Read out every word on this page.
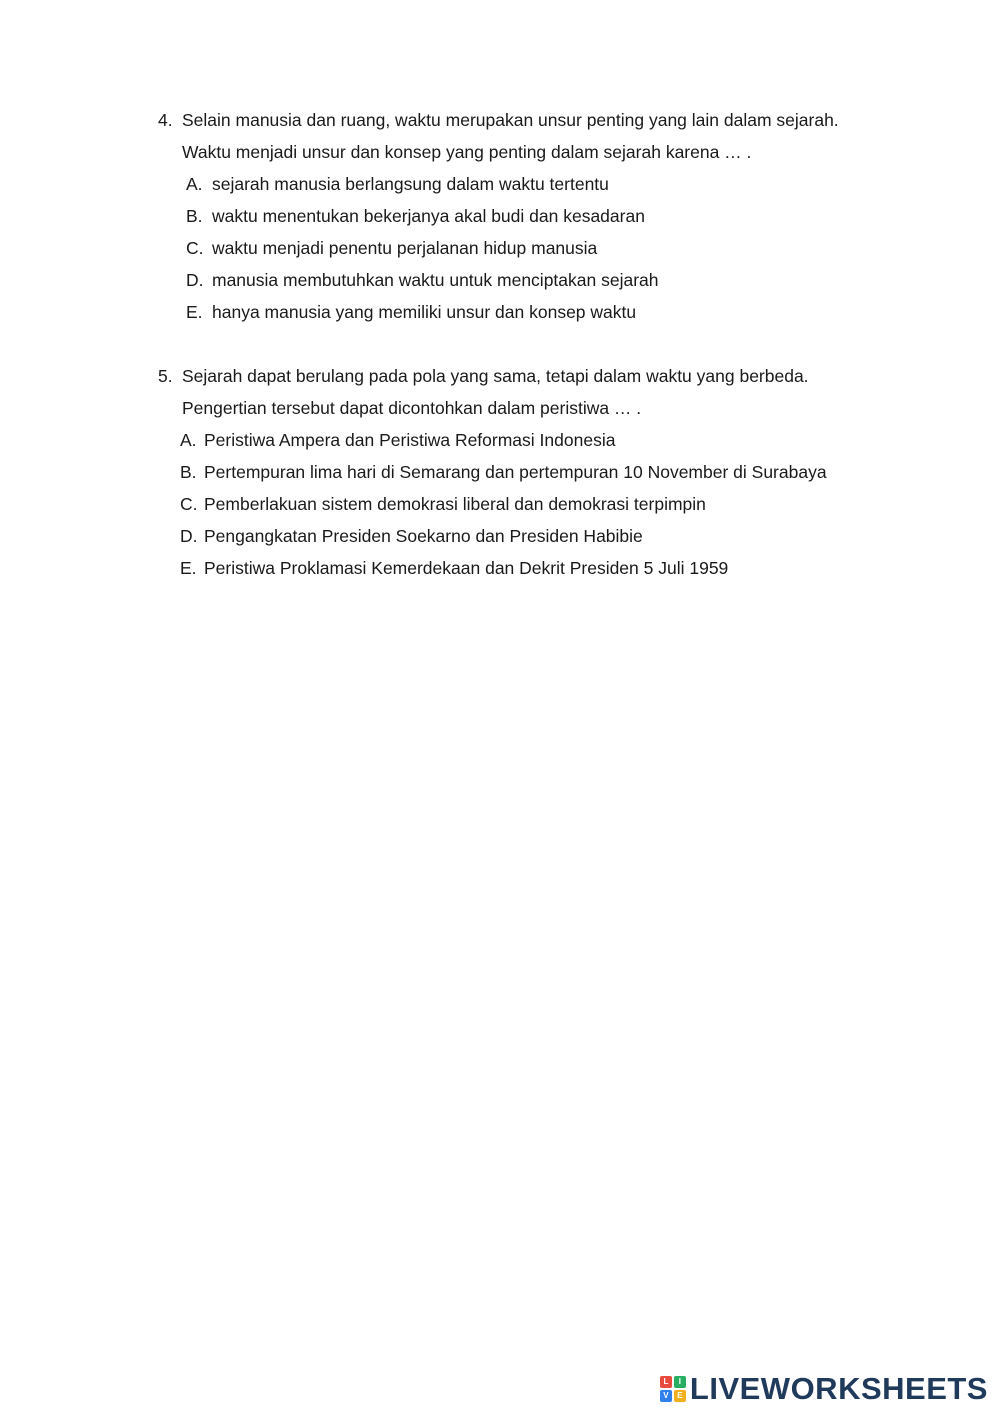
4. Selain manusia dan ruang, waktu merupakan unsur penting yang lain dalam sejarah.
Waktu menjadi unsur dan konsep yang penting dalam sejarah karena … .
A. sejarah manusia berlangsung dalam waktu tertentu
B. waktu menentukan bekerjanya akal budi dan kesadaran
C. waktu menjadi penentu perjalanan hidup manusia
D. manusia membutuhkan waktu untuk menciptakan sejarah
E. hanya manusia yang memiliki unsur dan konsep waktu
5. Sejarah dapat berulang pada pola yang sama, tetapi dalam waktu yang berbeda.
Pengertian tersebut dapat dicontohkan dalam peristiwa … .
A. Peristiwa Ampera dan Peristiwa Reformasi Indonesia
B. Pertempuran lima hari di Semarang dan pertempuran 10 November di Surabaya
C. Pemberlakuan sistem demokrasi liberal dan demokrasi terpimpin
D. Pengangkatan Presiden Soekarno dan Presiden Habibie
E. Peristiwa Proklamasi Kemerdekaan dan Dekrit Presiden 5 Juli 1959
L	I
V	E LIVEWORKSHEETS
